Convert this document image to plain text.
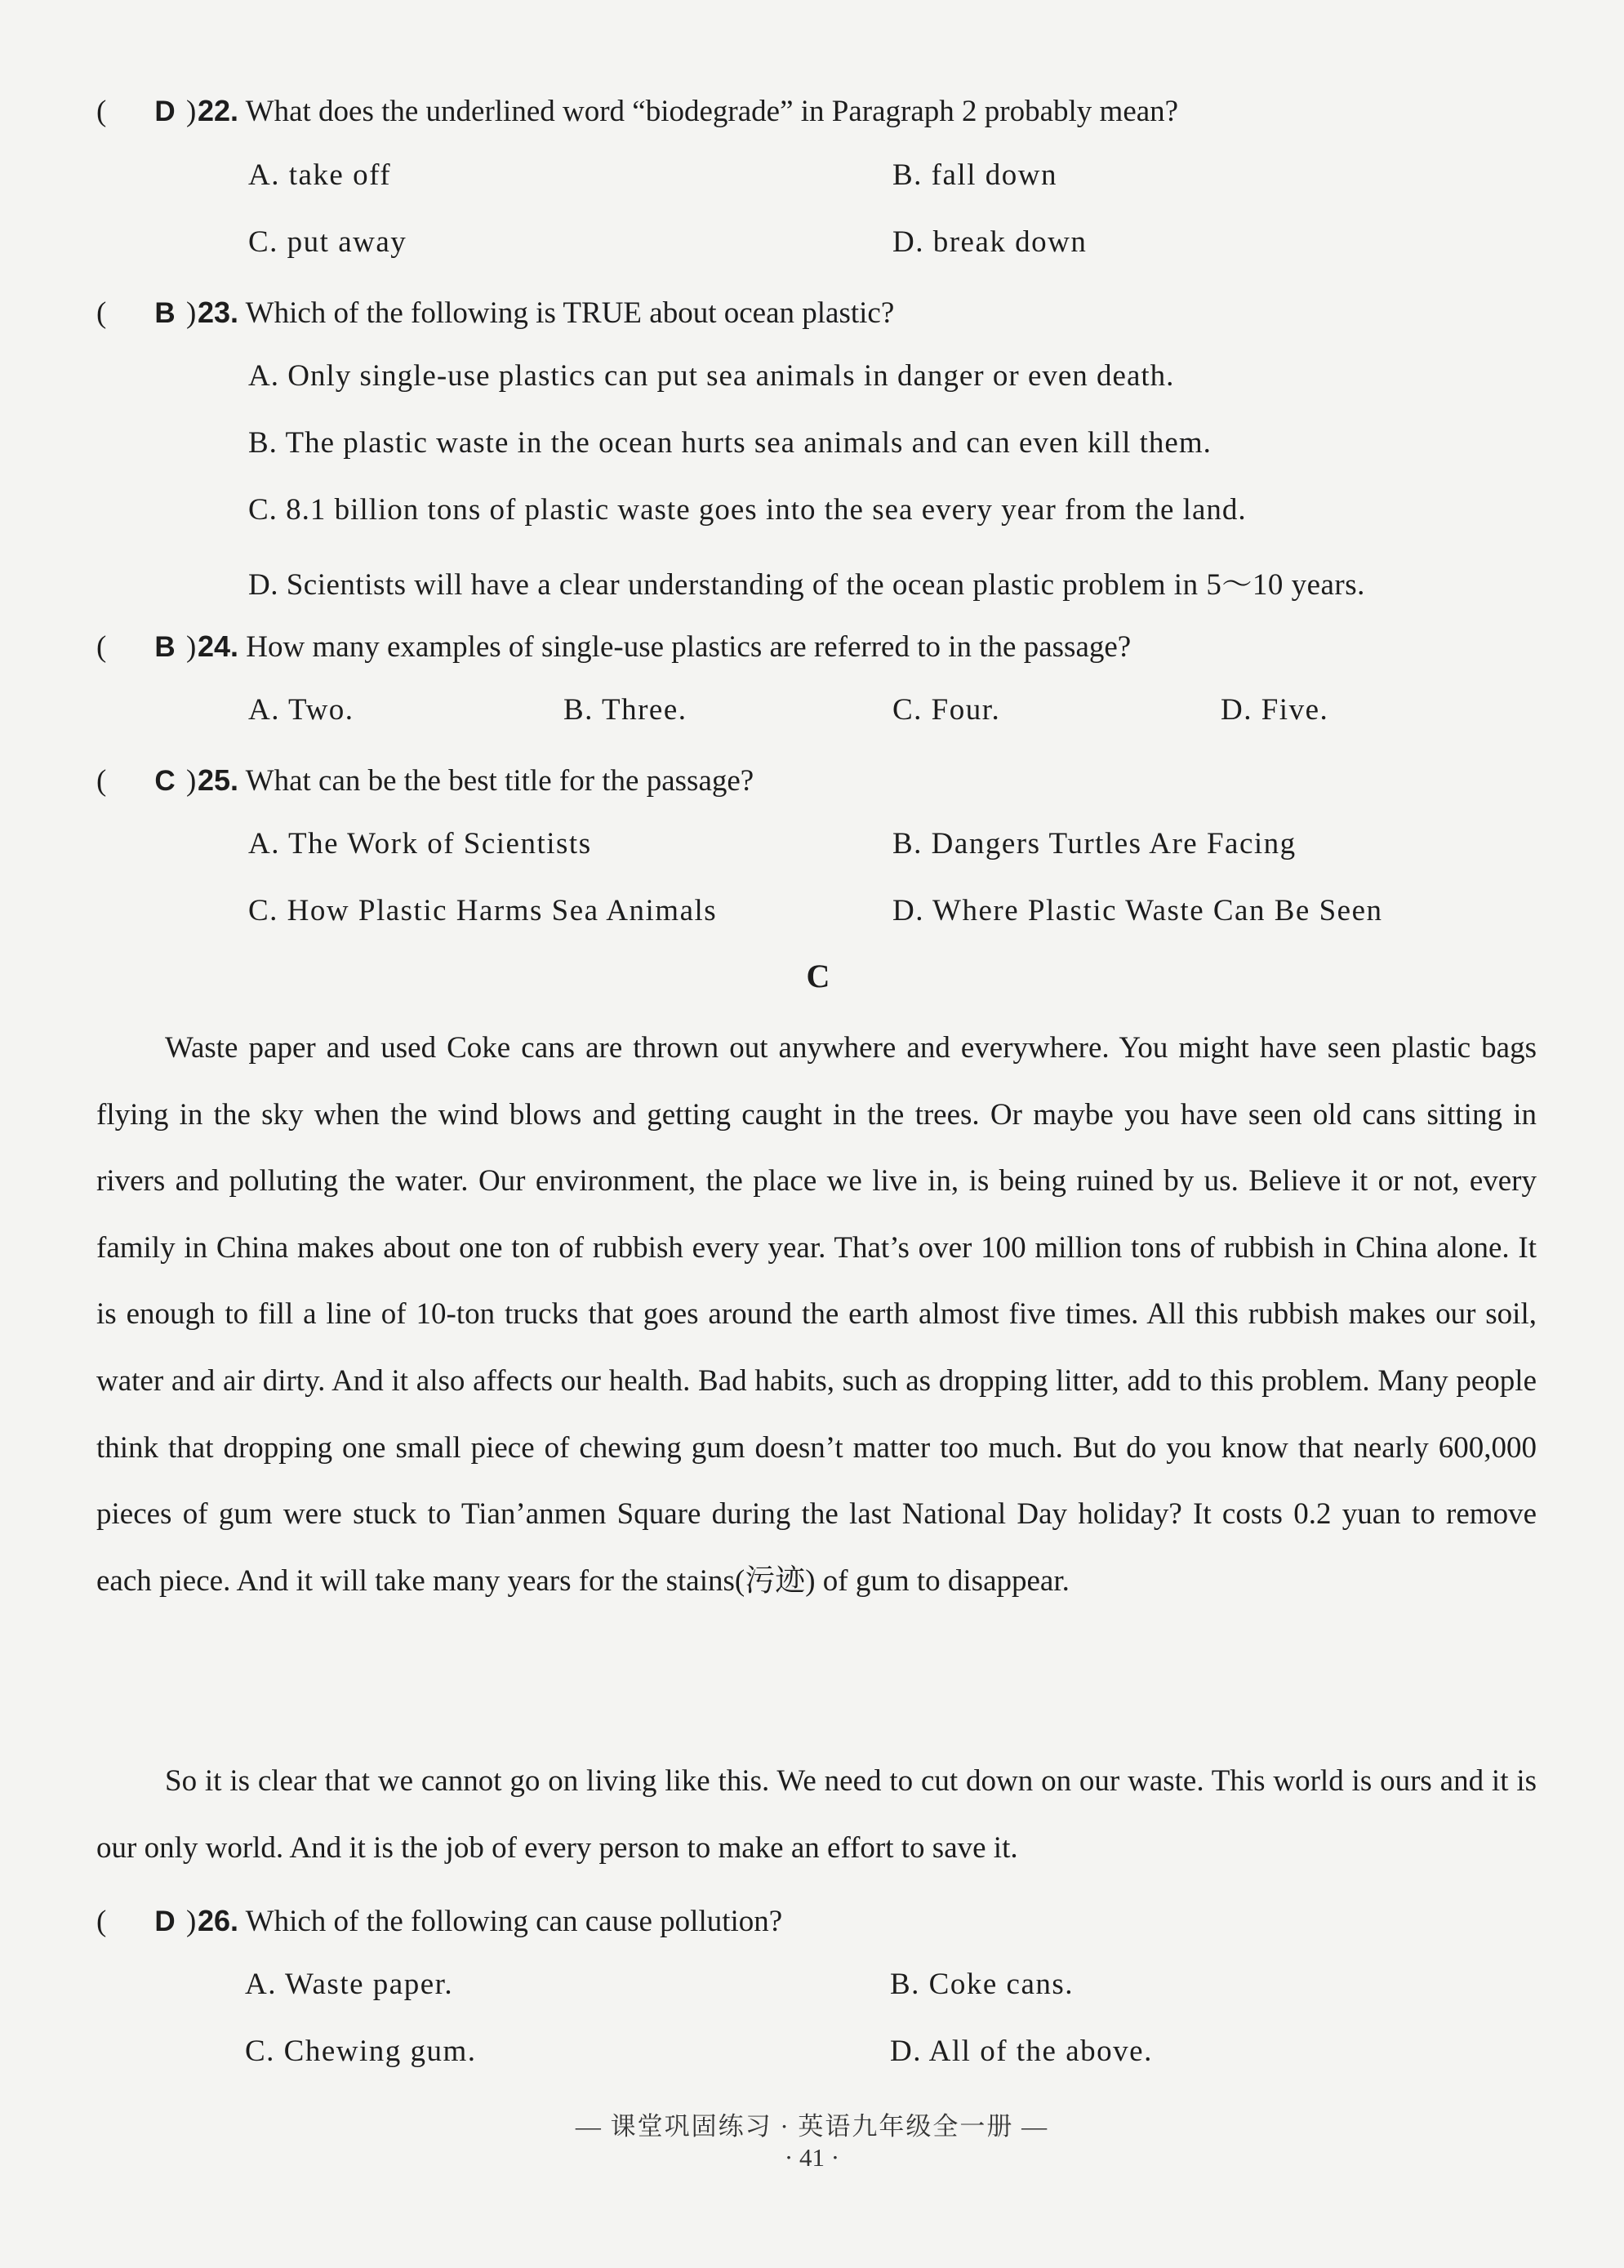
( D )22. What does the underlined word “biodegrade” in Paragraph 2 probably mean?
A. take off	B. fall down
C. put away	D. break down
( B )23. Which of the following is TRUE about ocean plastic?
A. Only single-use plastics can put sea animals in danger or even death.
B. The plastic waste in the ocean hurts sea animals and can even kill them.
C. 8.1 billion tons of plastic waste goes into the sea every year from the land.
D. Scientists will have a clear understanding of the ocean plastic problem in 5～10 years.
( B )24. How many examples of single-use plastics are referred to in the passage?
A. Two.	B. Three.	C. Four.	D. Five.
( C )25. What can be the best title for the passage?
A. The Work of Scientists	B. Dangers Turtles Are Facing
C. How Plastic Harms Sea Animals	D. Where Plastic Waste Can Be Seen
C

Waste paper and used Coke cans are thrown out anywhere and everywhere. You might have seen plastic bags flying in the sky when the wind blows and getting caught in the trees. Or maybe you have seen old cans sitting in rivers and polluting the water. Our environment, the place we live in, is being ruined by us. Believe it or not, every family in China makes about one ton of rubbish every year. That’s over 100 million tons of rubbish in China alone. It is enough to fill a line of 10-ton trucks that goes around the earth almost five times. All this rubbish makes our soil, water and air dirty. And it also affects our health. Bad habits, such as dropping litter, add to this problem. Many people think that dropping one small piece of chewing gum doesn’t matter too much. But do you know that nearly 600,000 pieces of gum were stuck to Tian’anmen Square during the last National Day holiday? It costs 0.2 yuan to remove each piece. And it will take many years for the stains(污迹) of gum to disappear.

So it is clear that we cannot go on living like this. We need to cut down on our waste. This world is ours and it is our only world. And it is the job of every person to make an effort to save it.

( D )26. Which of the following can cause pollution?
A. Waste paper.	B. Coke cans.
C. Chewing gum.	D. All of the above.
— 课堂巩固练习 · 英语九年级全一册 —
· 41 ·
